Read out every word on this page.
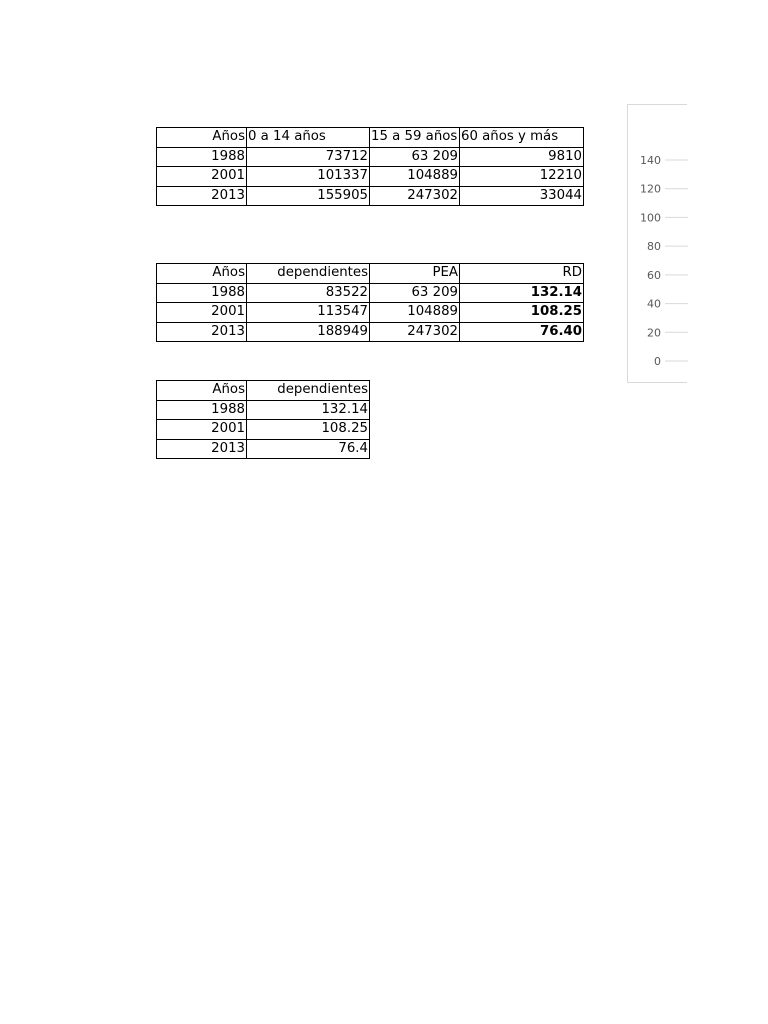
Años	0 a 14 años	15 a 59 años	60 años y más
1988	73712	63 209	9810
2001	101337	104889	12210
2013	155905	247302	33044
Años	dependientes	PEA	RD
1988	83522	63 209	132.14
2001	113547	104889	108.25
2013	188949	247302	76.40
Años	dependientes
1988	132.14
2001	108.25
2013	76.4
0
20
40
60
80
100
120
140
